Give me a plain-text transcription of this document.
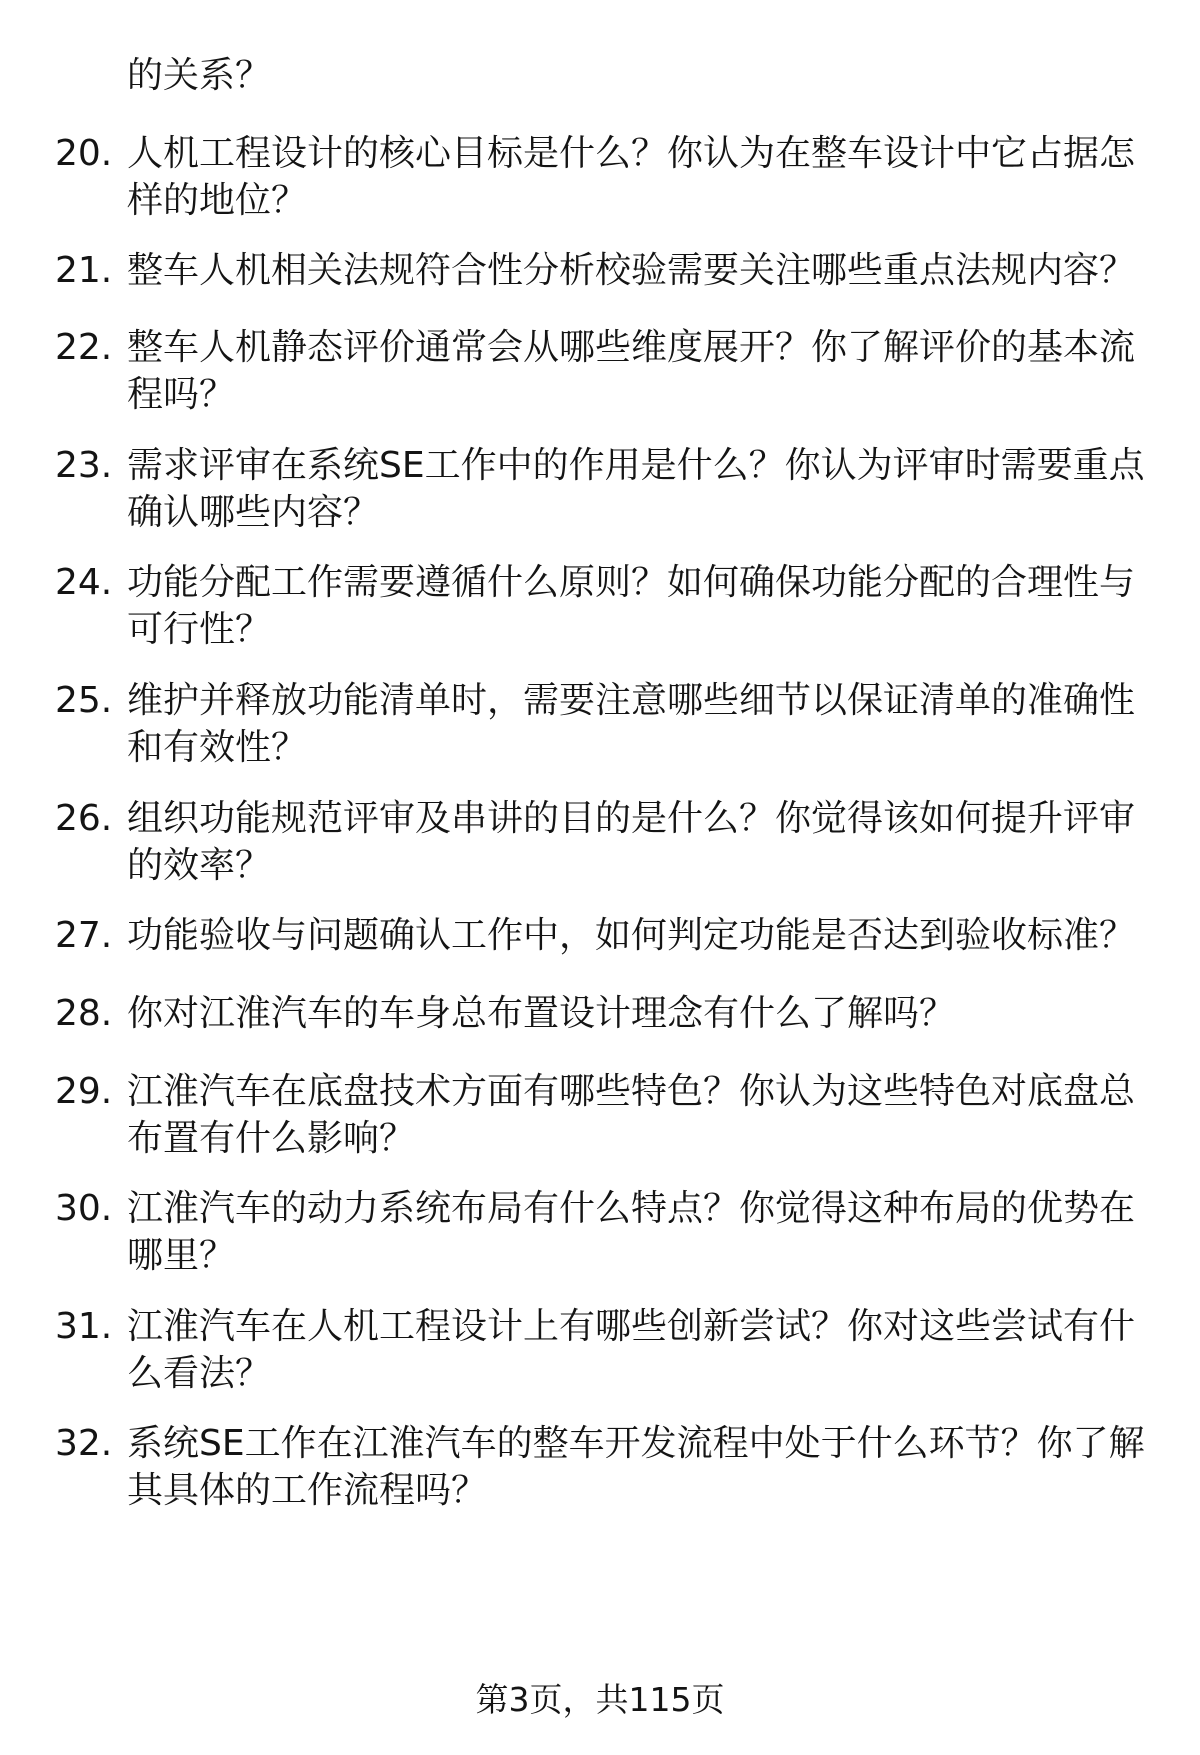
的关系？
20. 人机工程设计的核心目标是什么？你认为在整车设计中它占据怎
样的地位？
21. 整车人机相关法规符合性分析校验需要关注哪些重点法规内容？
22. 整车人机静态评价通常会从哪些维度展开？你了解评价的基本流
程吗？
23. 需求评审在系统SE工作中的作用是什么？你认为评审时需要重点
确认哪些内容？
24. 功能分配工作需要遵循什么原则？如何确保功能分配的合理性与
可行性？
25. 维护并释放功能清单时，需要注意哪些细节以保证清单的准确性
和有效性？
26. 组织功能规范评审及串讲的目的是什么？你觉得该如何提升评审
的效率？
27. 功能验收与问题确认工作中，如何判定功能是否达到验收标准？
28. 你对江淮汽车的车身总布置设计理念有什么了解吗？
29. 江淮汽车在底盘技术方面有哪些特色？你认为这些特色对底盘总
布置有什么影响？
30. 江淮汽车的动力系统布局有什么特点？你觉得这种布局的优势在
哪里？
31. 江淮汽车在人机工程设计上有哪些创新尝试？你对这些尝试有什
么看法？
32. 系统SE工作在江淮汽车的整车开发流程中处于什么环节？你了解
其具体的工作流程吗？
第3页，共115页
